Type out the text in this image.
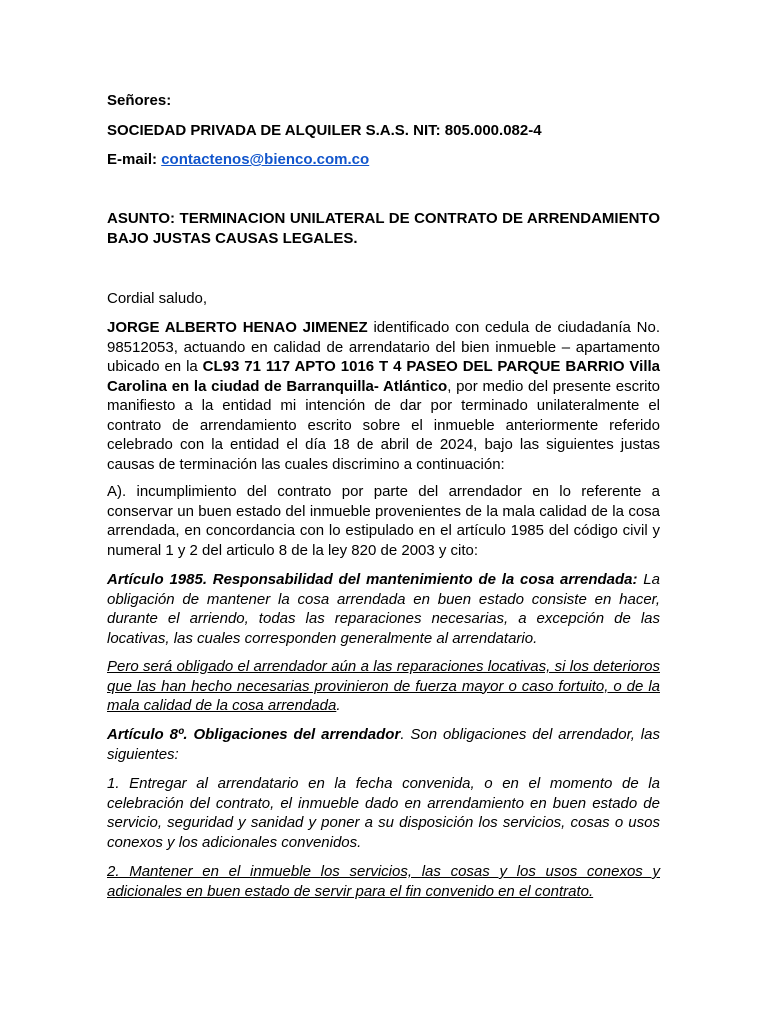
Señores:

SOCIEDAD PRIVADA DE ALQUILER S.A.S. NIT: 805.000.082-4

E-mail: contactenos@bienco.com.co

ASUNTO: TERMINACION UNILATERAL DE CONTRATO DE ARRENDAMIENTO BAJO JUSTAS CAUSAS LEGALES.

Cordial saludo,

JORGE ALBERTO HENAO JIMENEZ identificado con cedula de ciudadanía No. 98512053, actuando en calidad de arrendatario del bien inmueble – apartamento ubicado en la CL93 71 117 APTO 1016 T 4 PASEO DEL PARQUE BARRIO Villa Carolina en la ciudad de Barranquilla- Atlántico, por medio del presente escrito manifiesto a la entidad mi intención de dar por terminado unilateralmente el contrato de arrendamiento escrito sobre el inmueble anteriormente referido celebrado con la entidad el día 18 de abril de 2024, bajo las siguientes justas causas de terminación las cuales discrimino a continuación:

A). incumplimiento del contrato por parte del arrendador en lo referente a conservar un buen estado del inmueble provenientes de la mala calidad de la cosa arrendada, en concordancia con lo estipulado en el artículo 1985 del código civil y numeral 1 y 2 del articulo 8 de la ley 820 de 2003 y cito:

Artículo 1985. Responsabilidad del mantenimiento de la cosa arrendada: La obligación de mantener la cosa arrendada en buen estado consiste en hacer, durante el arriendo, todas las reparaciones necesarias, a excepción de las locativas, las cuales corresponden generalmente al arrendatario.

Pero será obligado el arrendador aún a las reparaciones locativas, si los deterioros que las han hecho necesarias provinieron de fuerza mayor o caso fortuito, o de la mala calidad de la cosa arrendada.

Artículo 8º. Obligaciones del arrendador. Son obligaciones del arrendador, las siguientes:

1. Entregar al arrendatario en la fecha convenida, o en el momento de la celebración del contrato, el inmueble dado en arrendamiento en buen estado de servicio, seguridad y sanidad y poner a su disposición los servicios, cosas o usos conexos y los adicionales convenidos.

2. Mantener en el inmueble los servicios, las cosas y los usos conexos y adicionales en buen estado de servir para el fin convenido en el contrato.
